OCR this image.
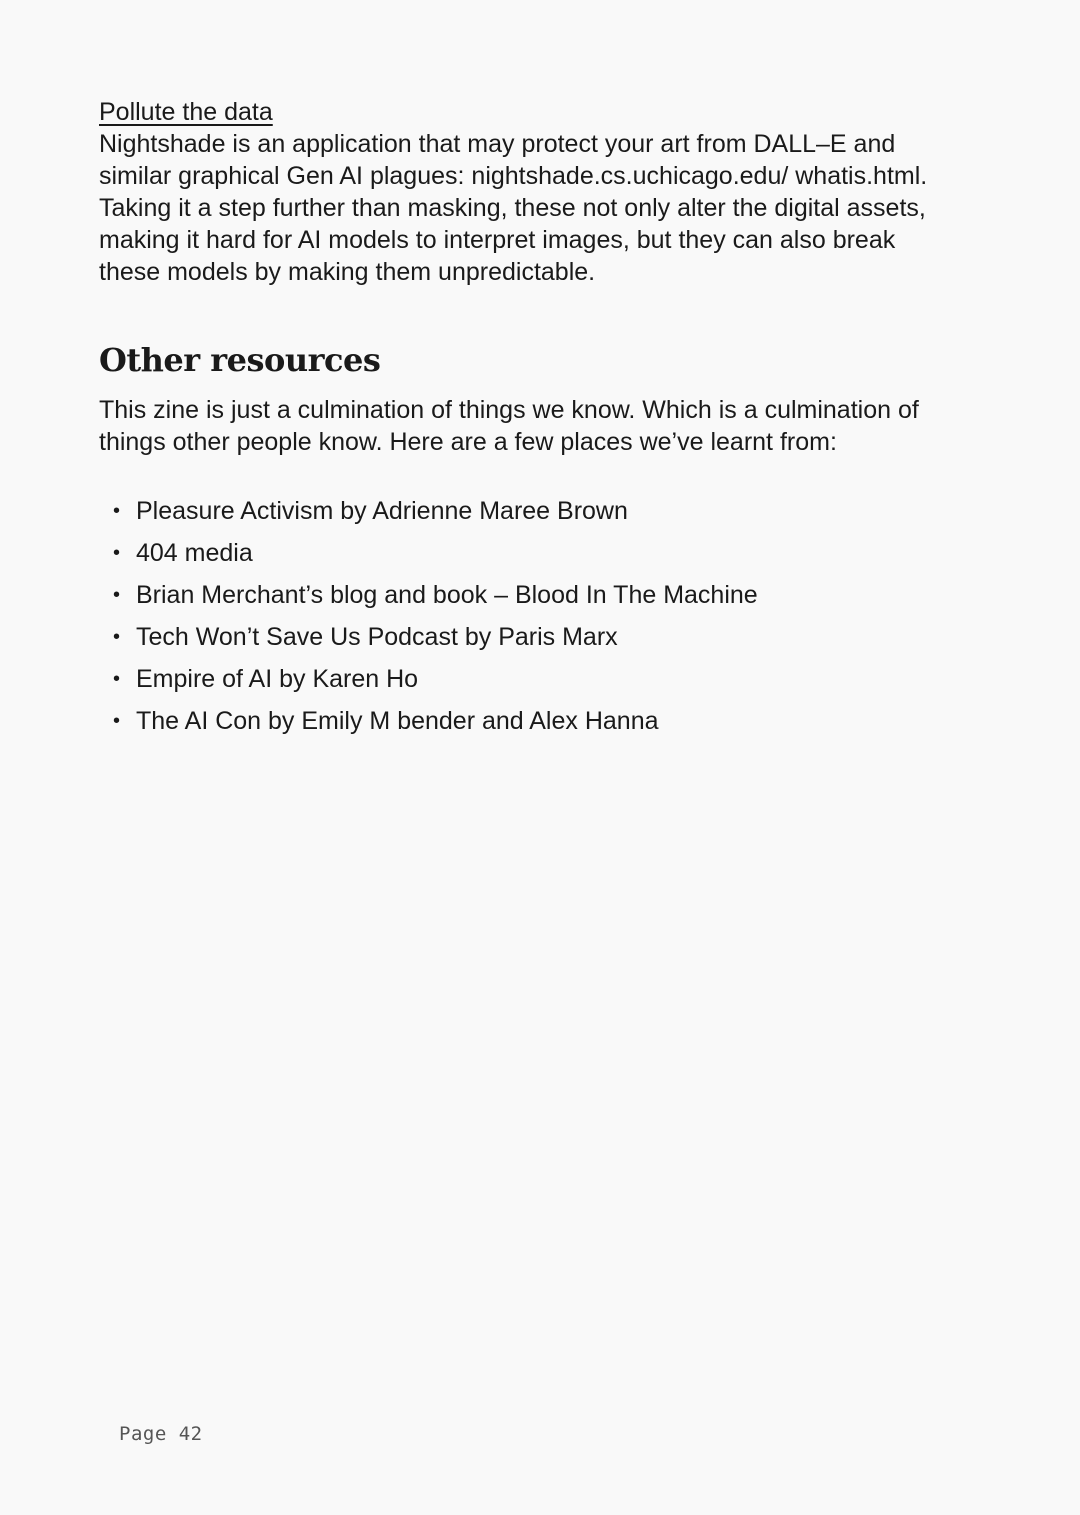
Pollute the data

Nightshade is an application that may protect your art from DALL–E and similar graphical Gen AI plagues: nightshade.cs.uchicago.edu/ whatis.html. Taking it a step further than masking, these not only alter the digital assets, making it hard for AI models to interpret images, but they can also break these models by making them unpredictable.

Other resources

This zine is just a culmination of things we know. Which is a culmination of things other people know. Here are a few places we’ve learnt from:

• Pleasure Activism by Adrienne Maree Brown
• 404 media
• Brian Merchant’s blog and book – Blood In The Machine
• Tech Won’t Save Us Podcast by Paris Marx
• Empire of AI by Karen Ho
• The AI Con by Emily M bender and Alex Hanna
Page 42
